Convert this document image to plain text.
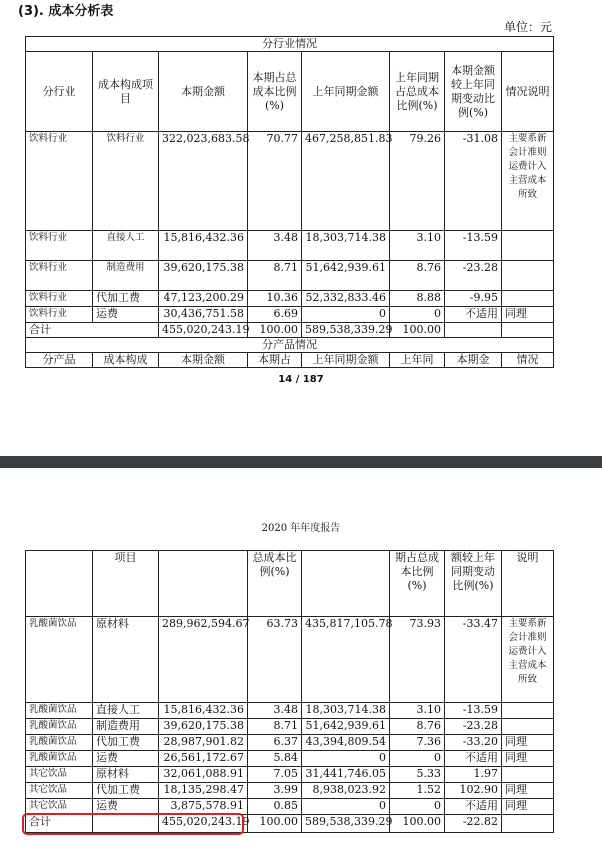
(3). 成本分析表
单位：元
分行业情况							
分行业	成本构成项目	本期金额	本期占总成本比例(%)	上年同期金额	上年同期占总成本比例(%)	本期金额较上年同期变动比例(%)	情况说明
饮料行业	饮料行业	322,023,683.58	70.77	467,258,851.83	79.26	-31.08	主要系新会计准则运费计入主营成本所致
饮料行业	直接人工	15,816,432.36	3.48	18,303,714.38	3.10	-13.59	
饮料行业	制造费用	39,620,175.38	8.71	51,642,939.61	8.76	-23.28	
饮料行业	代加工费	47,123,200.29	10.36	52,332,833.46	8.88	-9.95	
饮料行业	运费	30,436,751.58	6.69	0	0	不适用	同理
合计		455,020,243.19	100.00	589,538,339.29	100.00		
分产品情况							
分产品	成本构成	本期金额	本期占	上年同期金额	上年同	本期金	情况
14 / 187
2020 年年度报告
	项目		总成本比例(%)		期占总成本比例(%)	额较上年同期变动比例(%)	说明
乳酸菌饮品	原材料	289,962,594.67	63.73	435,817,105.78	73.93	-33.47	主要系新会计准则运费计入主营成本所致
乳酸菌饮品	直接人工	15,816,432.36	3.48	18,303,714.38	3.10	-13.59	
乳酸菌饮品	制造费用	39,620,175.38	8.71	51,642,939.61	8.76	-23.28	
乳酸菌饮品	代加工费	28,987,901.82	6.37	43,394,809.54	7.36	-33.20	同理
乳酸菌饮品	运费	26,561,172.67	5.84	0	0	不适用	同理
其它饮品	原材料	32,061,088.91	7.05	31,441,746.05	5.33	1.97	
其它饮品	代加工费	18,135,298.47	3.99	8,938,023.92	1.52	102.90	同理
其它饮品	运费	3,875,578.91	0.85	0	0	不适用	同理
合计		455,020,243.19	100.00	589,538,339.29	100.00	-22.82	
